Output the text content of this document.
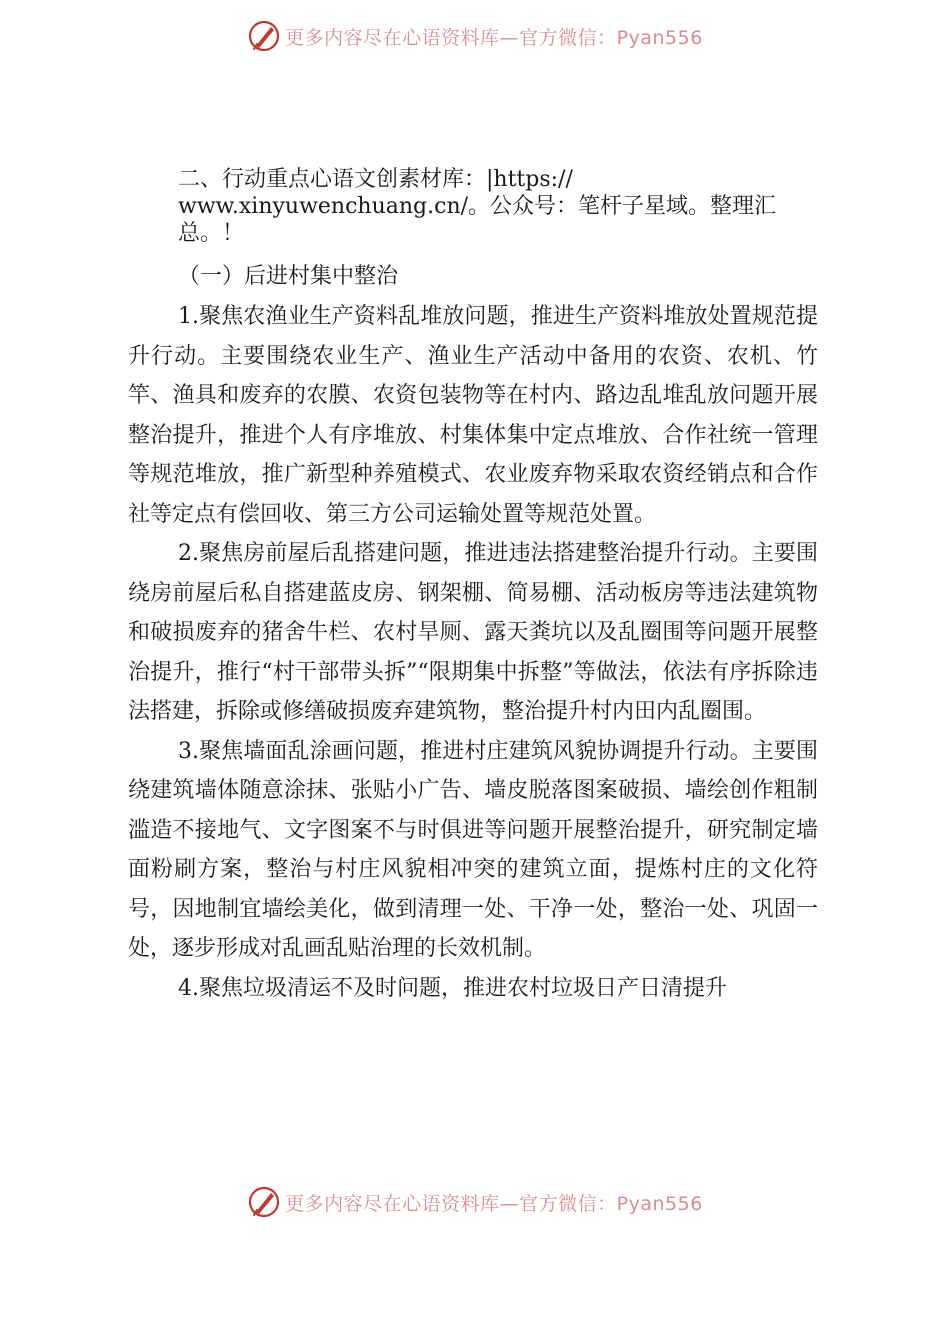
更多内容尽在心语资料库—官方微信：Pyan556
二、行动重点心语文创素材库：|https://
www.xinyuwenchuang.cn/。公众号：笔杆子星域。整理汇
总。！

（一）后进村集中整治

1.聚焦农渔业生产资料乱堆放问题，推进生产资料堆放处置规范提升行动。主要围绕农业生产、渔业生产活动中备用的农资、农机、竹竿、渔具和废弃的农膜、农资包装物等在村内、路边乱堆乱放问题开展整治提升，推进个人有序堆放、村集体集中定点堆放、合作社统一管理等规范堆放，推广新型种养殖模式、农业废弃物采取农资经销点和合作社等定点有偿回收、第三方公司运输处置等规范处置。

2.聚焦房前屋后乱搭建问题，推进违法搭建整治提升行动。主要围绕房前屋后私自搭建蓝皮房、钢架棚、简易棚、活动板房等违法建筑物和破损废弃的猪舍牛栏、农村旱厕、露天粪坑以及乱圈围等问题开展整治提升，推行“村干部带头拆”“限期集中拆整”等做法，依法有序拆除违法搭建，拆除或修缮破损废弃建筑物，整治提升村内田内乱圈围。

3.聚焦墙面乱涂画问题，推进村庄建筑风貌协调提升行动。主要围绕建筑墙体随意涂抹、张贴小广告、墙皮脱落图案破损、墙绘创作粗制滥造不接地气、文字图案不与时俱进等问题开展整治提升，研究制定墙面粉刷方案，整治与村庄风貌相冲突的建筑立面，提炼村庄的文化符号，因地制宜墙绘美化，做到清理一处、干净一处，整治一处、巩固一处，逐步形成对乱画乱贴治理的长效机制。

4.聚焦垃圾清运不及时问题，推进农村垃圾日产日清提升

更多内容尽在心语资料库—官方微信：Pyan556
